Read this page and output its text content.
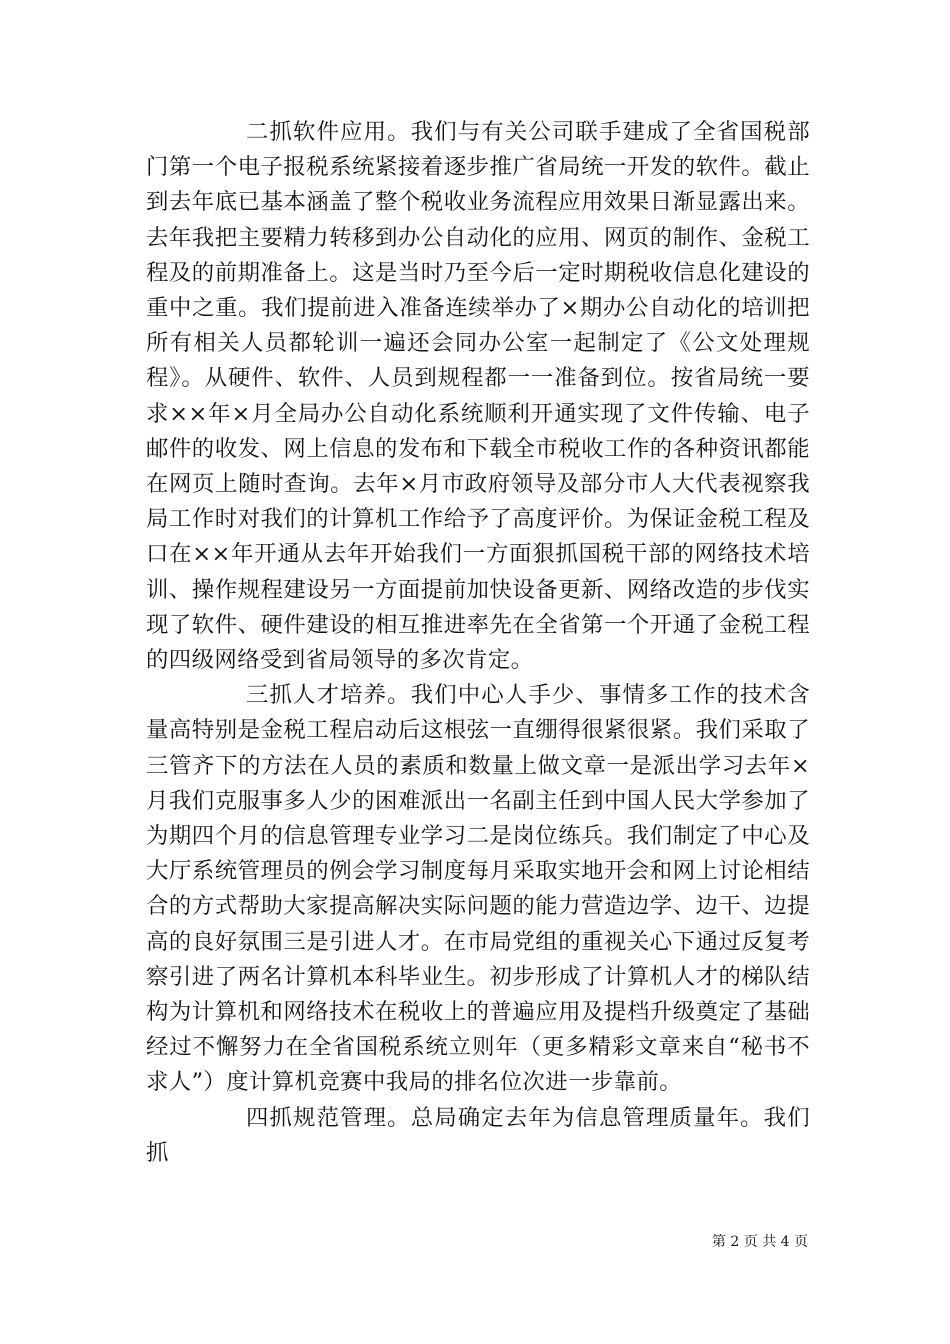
二抓软件应用。我们与有关公司联手建成了全省国税部门第一个电子报税系统紧接着逐步推广省局统一开发的软件。截止到去年底已基本涵盖了整个税收业务流程应用效果日渐显露出来。去年我把主要精力转移到办公自动化的应用、网页的制作、金税工程及的前期准备上。这是当时乃至今后一定时期税收信息化建设的重中之重。我们提前进入准备连续举办了×期办公自动化的培训把所有相关人员都轮训一遍还会同办公室一起制定了《公文处理规程》。从硬件、软件、人员到规程都一一准备到位。按省局统一要求××年×月全局办公自动化系统顺利开通实现了文件传输、电子邮件的收发、网上信息的发布和下载全市税收工作的各种资讯都能在网页上随时查询。去年×月市政府领导及部分市人大代表视察我局工作时对我们的计算机工作给予了高度评价。为保证金税工程及口在××年开通从去年开始我们一方面狠抓国税干部的网络技术培训、操作规程建设另一方面提前加快设备更新、网络改造的步伐实现了软件、硬件建设的相互推进率先在全省第一个开通了金税工程的四级网络受到省局领导的多次肯定。

三抓人才培养。我们中心人手少、事情多工作的技术含量高特别是金税工程启动后这根弦一直绷得很紧很紧。我们采取了三管齐下的方法在人员的素质和数量上做文章一是派出学习去年×月我们克服事多人少的困难派出一名副主任到中国人民大学参加了为期四个月的信息管理专业学习二是岗位练兵。我们制定了中心及大厅系统管理员的例会学习制度每月采取实地开会和网上讨论相结合的方式帮助大家提高解决实际问题的能力营造边学、边干、边提高的良好氛围三是引进人才。在市局党组的重视关心下通过反复考察引进了两名计算机本科毕业生。初步形成了计算机人才的梯队结构为计算机和网络技术在税收上的普遍应用及提档升级奠定了基础经过不懈努力在全省国税系统立则年（更多精彩文章来自“秘书不求人”）度计算机竞赛中我局的排名位次进一步靠前。

四抓规范管理。总局确定去年为信息管理质量年。我们抓

第 2 页 共 4 页
